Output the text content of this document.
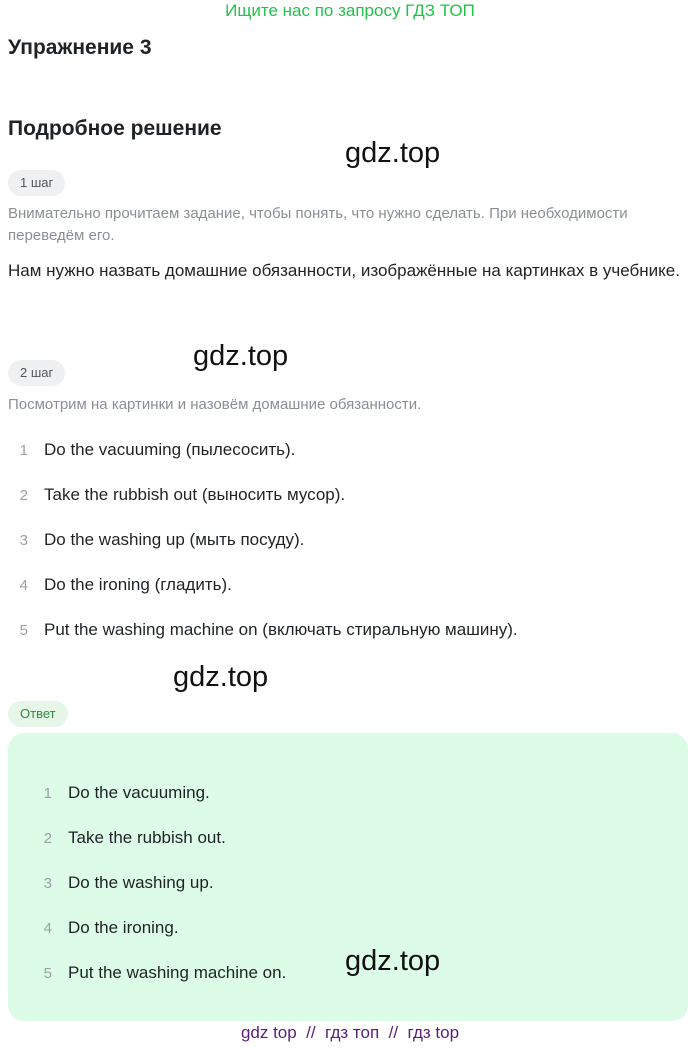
Ищите нас по запросу ГДЗ ТОП
Упражнение 3
Подробное решение
gdz.top
1 шаг
Внимательно прочитаем задание, чтобы понять, что нужно сделать. При необходимости переведём его.
Нам нужно назвать домашние обязанности, изображённые на картинках в учебнике.
gdz.top
2 шаг
Посмотрим на картинки и назовём домашние обязанности.
1 Do the vacuuming (пылесосить).
2 Take the rubbish out (выносить мусор).
3 Do the washing up (мыть посуду).
4 Do the ironing (гладить).
5 Put the washing machine on (включать стиральную машину).
gdz.top
Ответ
1 Do the vacuuming.
2 Take the rubbish out.
3 Do the washing up.
4 Do the ironing.
5 Put the washing machine on. gdz.top
gdz top  //  гдз топ  //  гдз top
